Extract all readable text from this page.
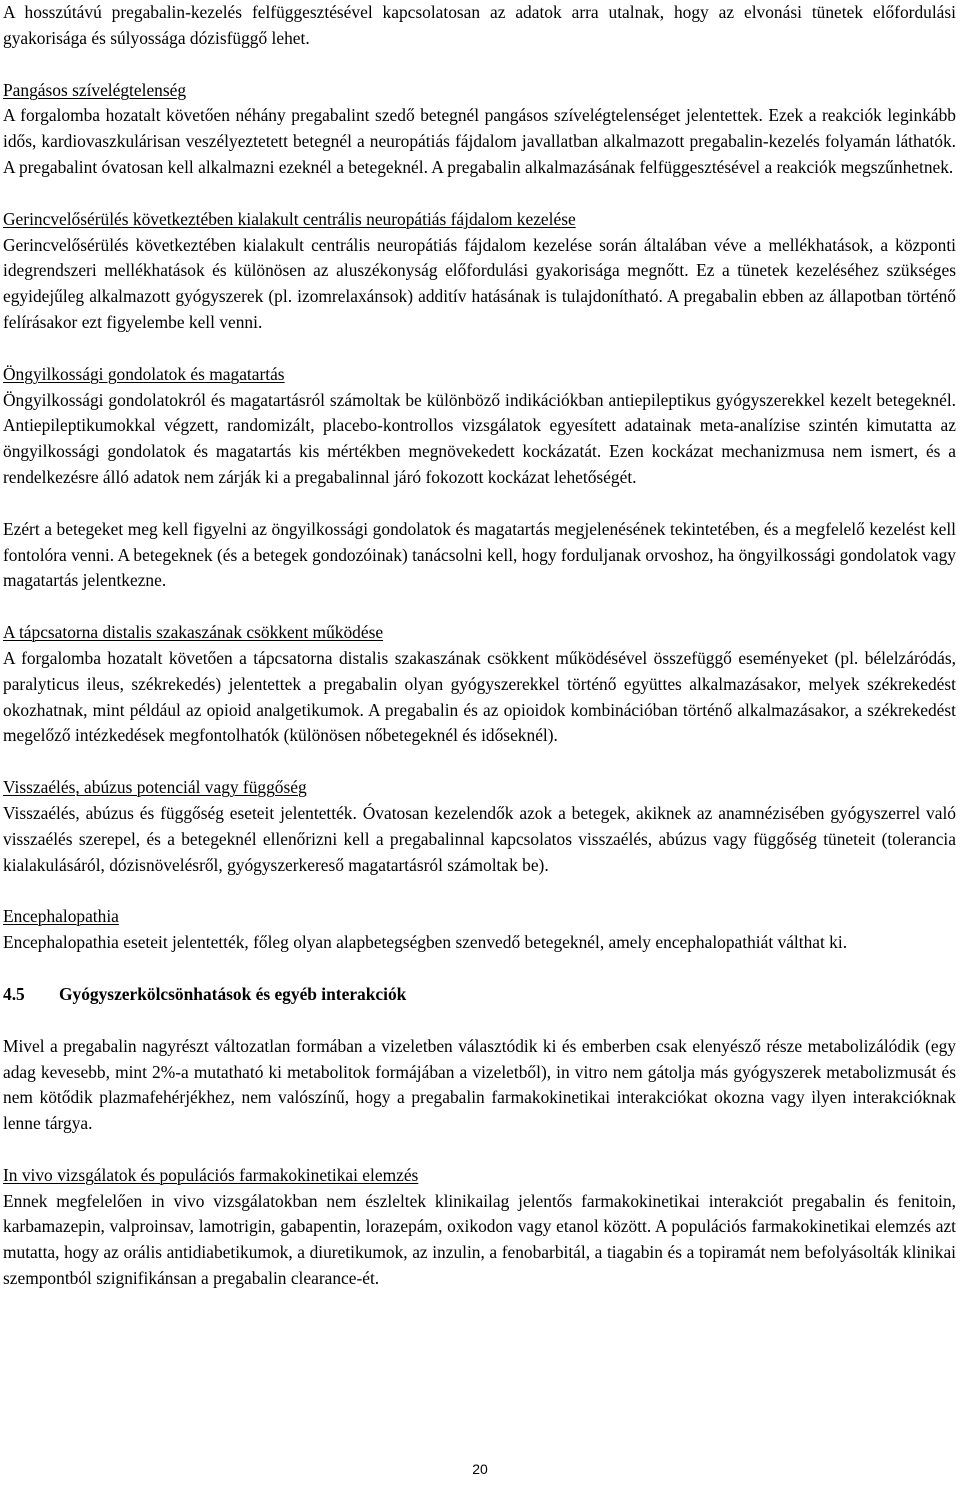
A hosszútávú pregabalin-kezelés felfüggesztésével kapcsolatosan az adatok arra utalnak, hogy az elvonási tünetek előfordulási gyakorisága és súlyossága dózisfüggő lehet.

Pangásos szívelégtelenség

A forgalomba hozatalt követően néhány pregabalint szedő betegnél pangásos szívelégtelenséget jelentettek. Ezek a reakciók leginkább idős, kardiovaszkulárisan veszélyeztetett betegnél a neuropátiás fájdalom javallatban alkalmazott pregabalin-kezelés folyamán láthatók. A pregabalint óvatosan kell alkalmazni ezeknél a betegeknél. A pregabalin alkalmazásának felfüggesztésével a reakciók megszűnhetnek.

Gerincvelősérülés következtében kialakult centrális neuropátiás fájdalom kezelése

Gerincvelősérülés következtében kialakult centrális neuropátiás fájdalom kezelése során általában véve a mellékhatások, a központi idegrendszeri mellékhatások és különösen az aluszékonyság előfordulási gyakorisága megnőtt. Ez a tünetek kezeléséhez szükséges egyidejűleg alkalmazott gyógyszerek (pl. izomrelaxánsok) additív hatásának is tulajdonítható. A pregabalin ebben az állapotban történő felírásakor ezt figyelembe kell venni.

Öngyilkossági gondolatok és magatartás

Öngyilkossági gondolatokról és magatartásról számoltak be különböző indikációkban antiepileptikus gyógyszerekkel kezelt betegeknél. Antiepileptikumokkal végzett, randomizált, placebo-kontrollos vizsgálatok egyesített adatainak meta-analízise szintén kimutatta az öngyilkossági gondolatok és magatartás kis mértékben megnövekedett kockázatát. Ezen kockázat mechanizmusa nem ismert, és a rendelkezésre álló adatok nem zárják ki a pregabalinnal járó fokozott kockázat lehetőségét.

Ezért a betegeket meg kell figyelni az öngyilkossági gondolatok és magatartás megjelenésének tekintetében, és a megfelelő kezelést kell fontolóra venni. A betegeknek (és a betegek gondozóinak) tanácsolni kell, hogy forduljanak orvoshoz, ha öngyilkossági gondolatok vagy magatartás jelentkezne.

A tápcsatorna distalis szakaszának csökkent működése

A forgalomba hozatalt követően a tápcsatorna distalis szakaszának csökkent működésével összefüggő eseményeket (pl. bélelzáródás, paralyticus ileus, székrekedés) jelentettek a pregabalin olyan gyógyszerekkel történő együttes alkalmazásakor, melyek székrekedést okozhatnak, mint például az opioid analgetikumok. A pregabalin és az opioidok kombinációban történő alkalmazásakor, a székrekedést megelőző intézkedések megfontolhatók (különösen nőbetegeknél és időseknél).

Visszaélés, abúzus potenciál vagy függőség

Visszaélés, abúzus és függőség eseteit jelentették. Óvatosan kezelendők azok a betegek, akiknek az anamnézisében gyógyszerrel való visszaélés szerepel, és a betegeknél ellenőrizni kell a pregabalinnal kapcsolatos visszaélés, abúzus vagy függőség tüneteit (tolerancia kialakulásáról, dózisnövelésről, gyógyszerkereső magatartásról számoltak be).

Encephalopathia

Encephalopathia eseteit jelentették, főleg olyan alapbetegségben szenvedő betegeknél, amely encephalopathiát válthat ki.

4.5	Gyógyszerkölcsönhatások és egyéb interakciók

Mivel a pregabalin nagyrészt változatlan formában a vizeletben választódik ki és emberben csak elenyésző része metabolizálódik (egy adag kevesebb, mint 2%-a mutatható ki metabolitok formájában a vizeletből), in vitro nem gátolja más gyógyszerek metabolizmusát és nem kötődik plazmafehérjékhez, nem valószínű, hogy a pregabalin farmakokinetikai interakciókat okozna vagy ilyen interakcióknak lenne tárgya.

In vivo vizsgálatok és populációs farmakokinetikai elemzés

Ennek megfelelően in vivo vizsgálatokban nem észleltek klinikailag jelentős farmakokinetikai interakciót pregabalin és fenitoin, karbamazepin, valproinsav, lamotrigin, gabapentin, lorazepám, oxikodon vagy etanol között. A populációs farmakokinetikai elemzés azt mutatta, hogy az orális antidiabetikumok, a diuretikumok, az inzulin, a fenobarbitál, a tiagabin és a topiramát nem befolyásolták klinikai szempontból szignifikánsan a pregabalin clearance-ét.

20
